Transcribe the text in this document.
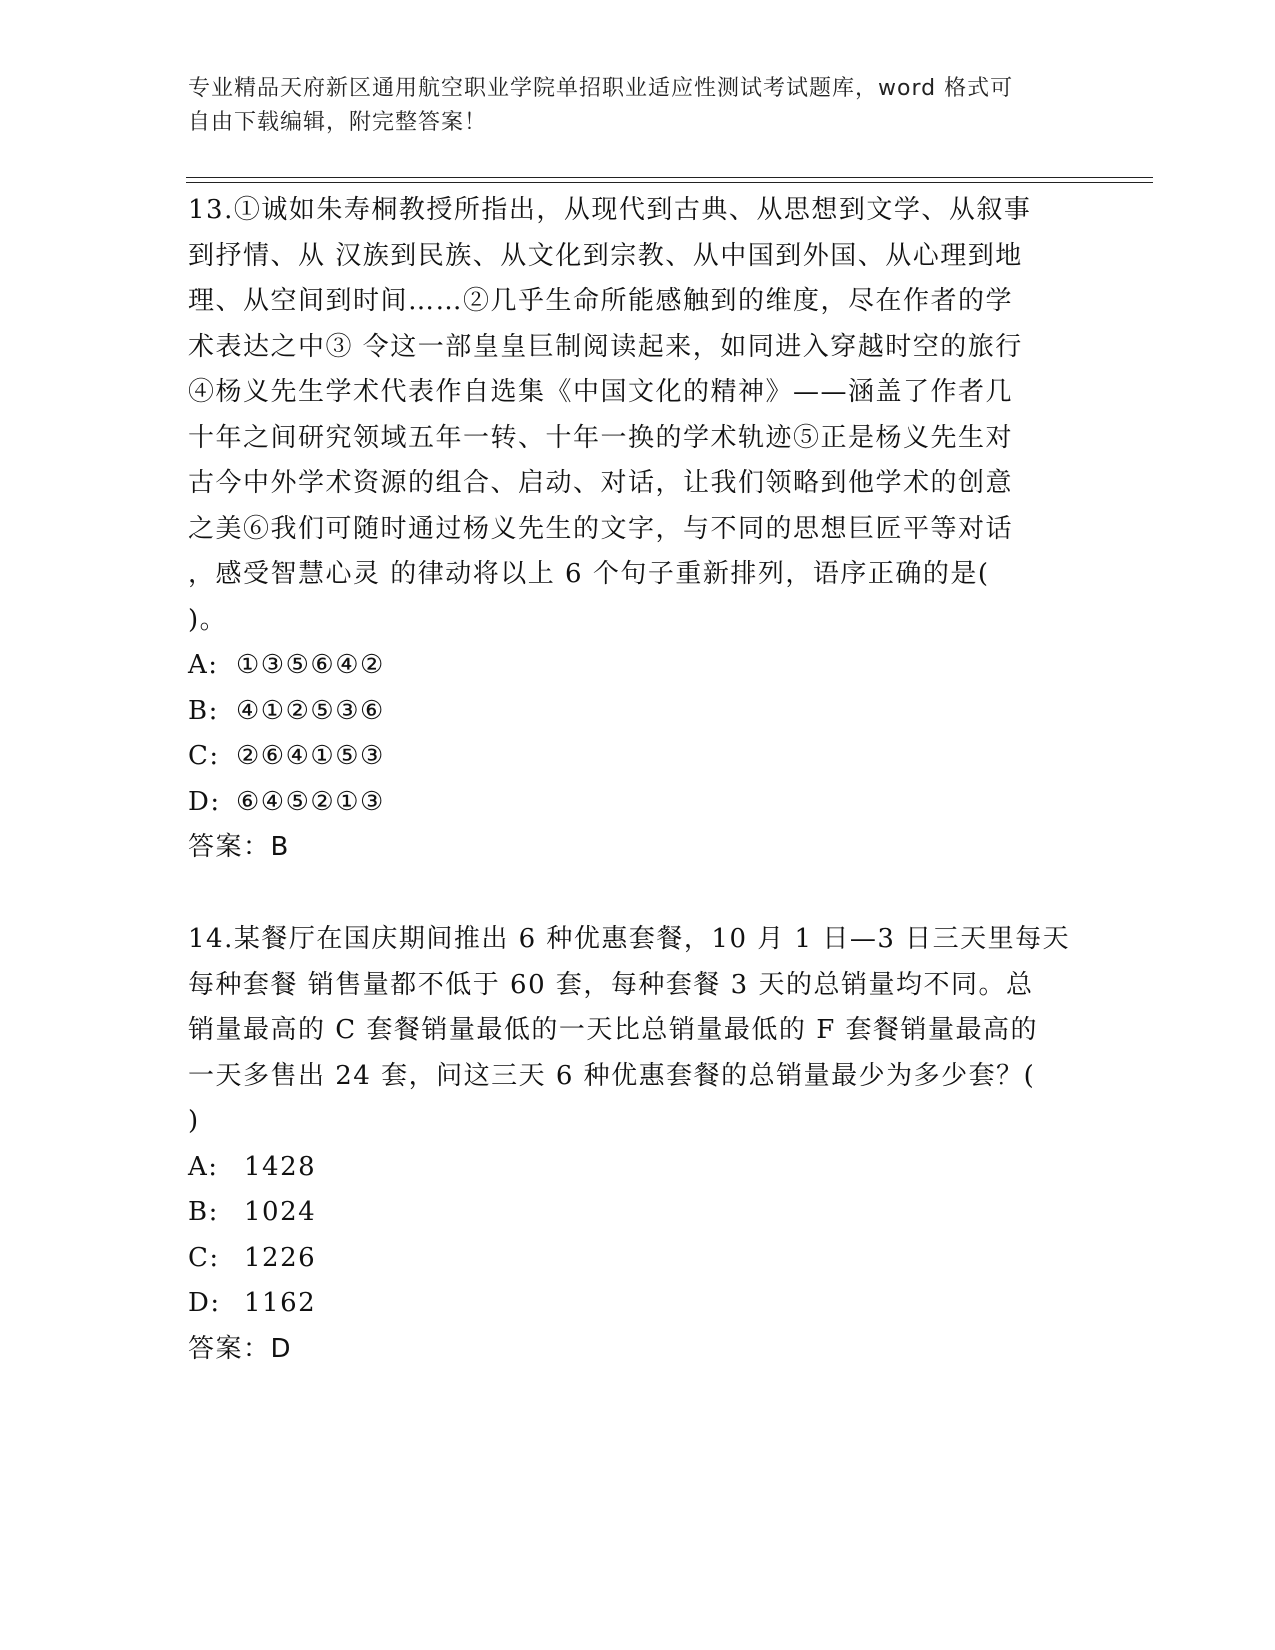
专业精品天府新区通用航空职业学院单招职业适应性测试考试题库，word 格式可
自由下载编辑，附完整答案！
13.①诚如朱寿桐教授所指出，从现代到古典、从思想到文学、从叙事
到抒情、从 汉族到民族、从文化到宗教、从中国到外国、从心理到地
理、从空间到时间……②几乎生命所能感触到的维度，尽在作者的学
术表达之中③ 令这一部皇皇巨制阅读起来，如同进入穿越时空的旅行
④杨义先生学术代表作自选集《中国文化的精神》——涵盖了作者几
十年之间研究领域五年一转、十年一换的学术轨迹⑤正是杨义先生对
古今中外学术资源的组合、启动、对话，让我们领略到他学术的创意
之美⑥我们可随时通过杨义先生的文字，与不同的思想巨匠平等对话
，感受智慧心灵 的律动将以上 6 个句子重新排列，语序正确的是(
)。
A: ①③⑤⑥④②
B: ④①②⑤③⑥
C: ②⑥④①⑤③
D: ⑥④⑤②①③
答案：B
14.某餐厅在国庆期间推出 6 种优惠套餐，10 月 1 日—3 日三天里每天
每种套餐 销售量都不低于 60 套，每种套餐 3 天的总销量均不同。总
销量最高的 C 套餐销量最低的一天比总销量最低的 F 套餐销量最高的
一天多售出 24 套，问这三天 6 种优惠套餐的总销量最少为多少套？(
)
A: 1428
B: 1024
C: 1226
D: 1162
答案：D
